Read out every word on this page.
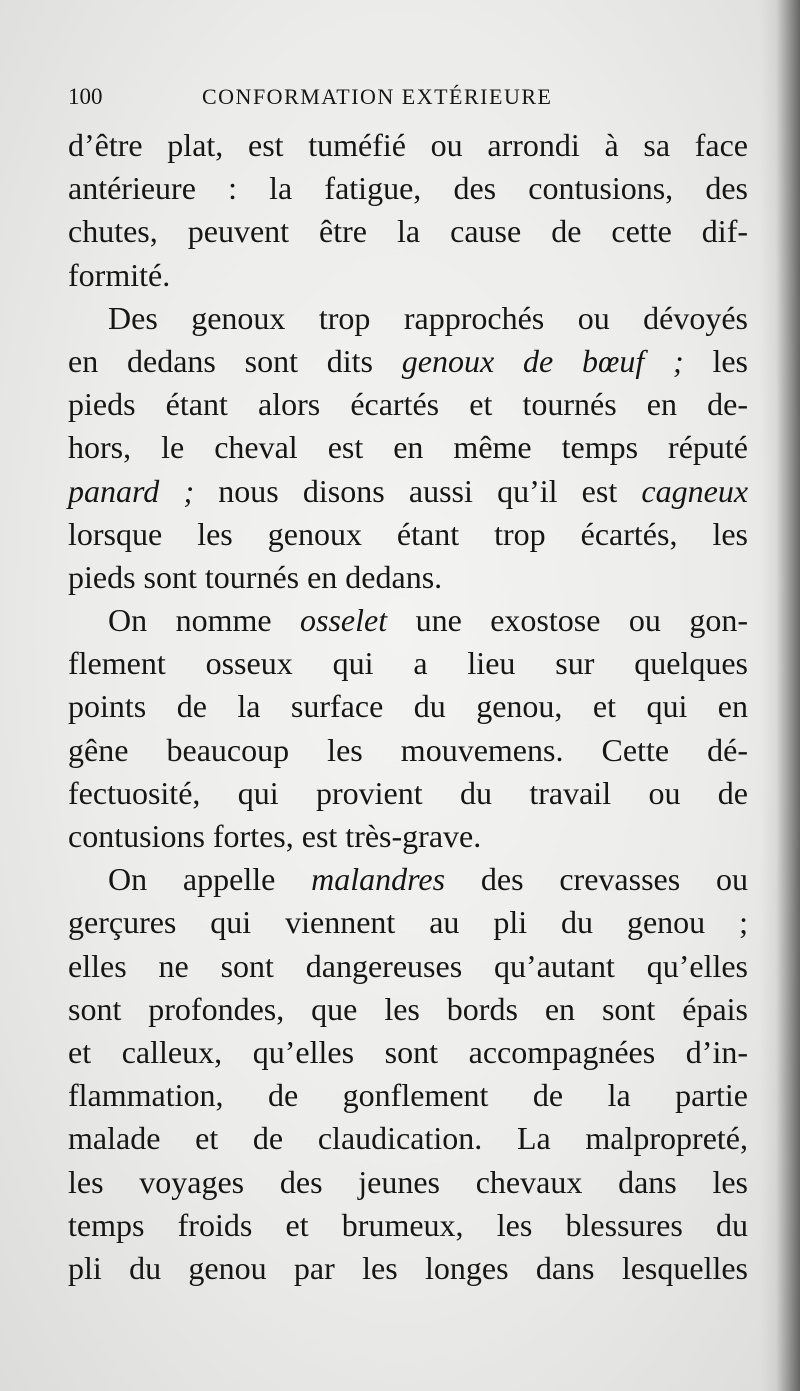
100	CONFORMATION EXTÉRIEURE
d’être plat, est tuméfié ou arrondi à sa face
antérieure : la fatigue, des contusions, des
chutes, peuvent être la cause de cette dif-
formité.
Des genoux trop rapprochés ou dévoyés
en dedans sont dits genoux de bœuf ; les
pieds étant alors écartés et tournés en de-
hors, le cheval est en même temps réputé
panard ; nous disons aussi qu’il est cagneux
lorsque les genoux étant trop écartés, les
pieds sont tournés en dedans.
On nomme osselet une exostose ou gon-
flement osseux qui a lieu sur quelques
points de la surface du genou, et qui en
gêne beaucoup les mouvemens. Cette dé-
fectuosité, qui provient du travail ou de
contusions fortes, est très-grave.
On appelle malandres des crevasses ou
gerçures qui viennent au pli du genou ;
elles ne sont dangereuses qu’autant qu’elles
sont profondes, que les bords en sont épais
et calleux, qu’elles sont accompagnées d’in-
flammation, de gonflement de la partie
malade et de claudication. La malpropreté,
les voyages des jeunes chevaux dans les
temps froids et brumeux, les blessures du
pli du genou par les longes dans lesquelles
